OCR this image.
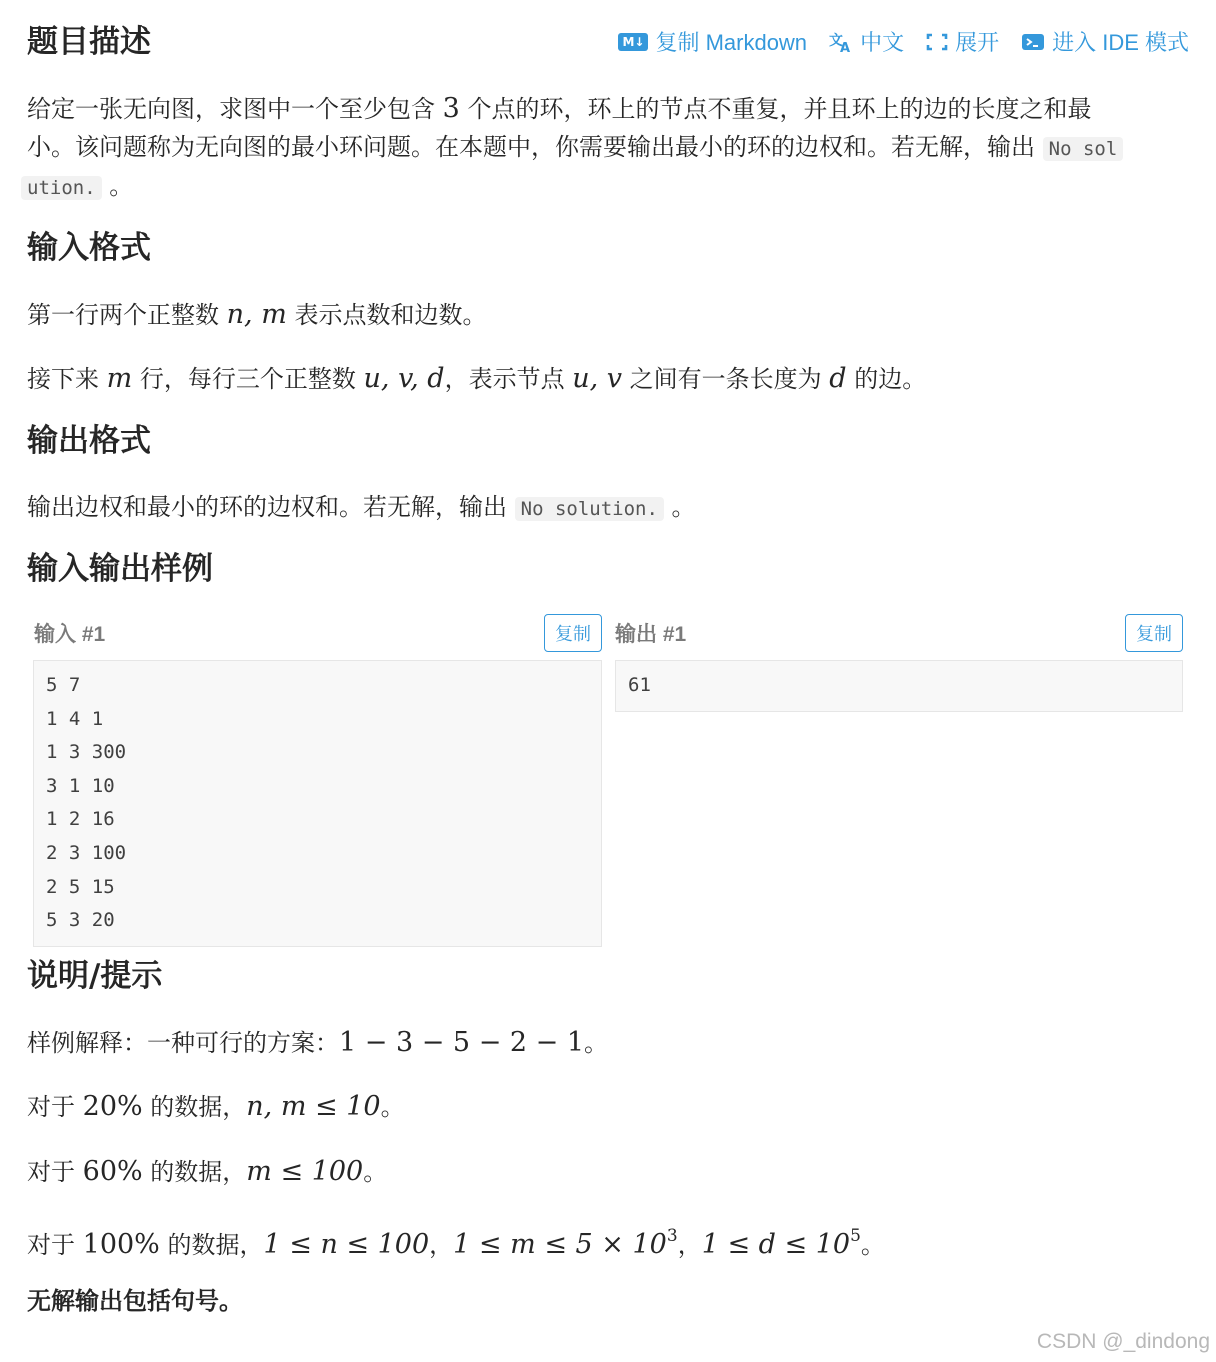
题目描述	M↓ 复制 Markdown 文
A 中文 展开 进入 IDE 模式

给定一张无向图，求图中一个至少包含 3 个点的环，环上的节点不重复，并且环上的边的长度之和最

小。该问题称为无向图的最小环问题。在本题中，你需要输出最小的环的边权和。若无解，输出 No sol

ution. 。

输入格式

第一行两个正整数 n, m 表示点数和边数。

接下来 m 行，每行三个正整数 u, v, d，表示节点 u, v 之间有一条长度为 d 的边。

输出格式

输出边权和最小的环的边权和。若无解，输出 No solution. 。

输入输出样例
输入 #1	复制	输出 #1	复制
5 7
1 4 1
1 3 300
3 1 10
1 2 16
2 3 100
2 5 15
5 3 20
61
说明/提示

样例解释：一种可行的方案：1 − 3 − 5 − 2 − 1。

对于 20% 的数据，n, m ≤ 10。

对于 60% 的数据，m ≤ 100。

对于 100% 的数据，1 ≤ n ≤ 100，$1 \le m \le 5 \times 10^3$，$1 \le d \le 10^5$。

无解输出包括句号。

CSDN @_dindong
